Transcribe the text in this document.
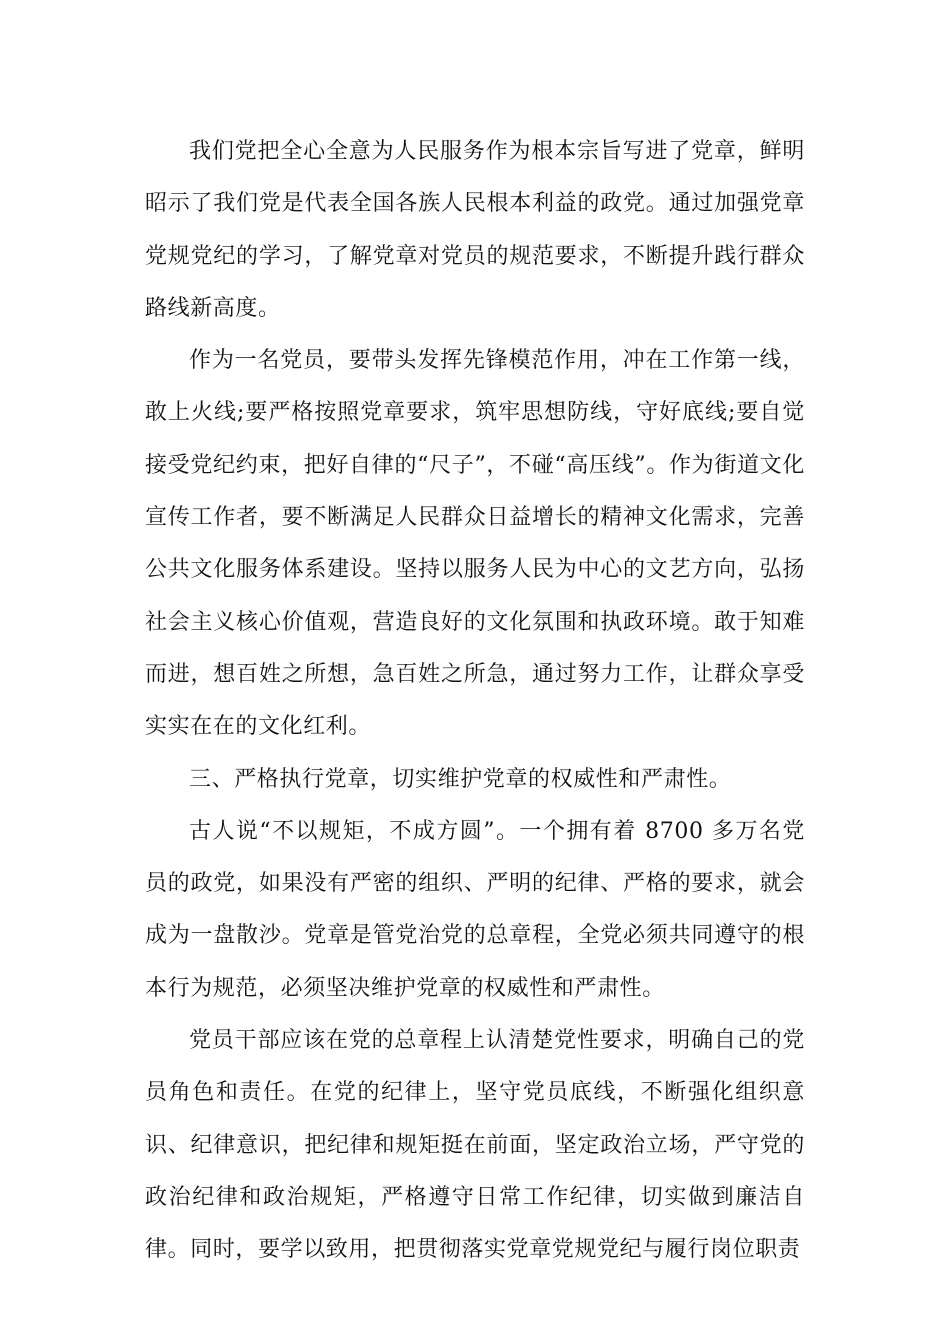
我们党把全心全意为人民服务作为根本宗旨写进了党章，鲜明昭示了我们党是代表全国各族人民根本利益的政党。通过加强党章党规党纪的学习，了解党章对党员的规范要求，不断提升践行群众路线新高度。

作为一名党员，要带头发挥先锋模范作用，冲在工作第一线，敢上火线;要严格按照党章要求，筑牢思想防线，守好底线;要自觉接受党纪约束，把好自律的“尺子”，不碰“高压线”。作为街道文化宣传工作者，要不断满足人民群众日益增长的精神文化需求，完善公共文化服务体系建设。坚持以服务人民为中心的文艺方向，弘扬社会主义核心价值观，营造良好的文化氛围和执政环境。敢于知难而进，想百姓之所想，急百姓之所急，通过努力工作，让群众享受实实在在的文化红利。

三、严格执行党章，切实维护党章的权威性和严肃性。

古人说“不以规矩，不成方圆”。一个拥有着 8700 多万名党员的政党，如果没有严密的组织、严明的纪律、严格的要求，就会成为一盘散沙。党章是管党治党的总章程，全党必须共同遵守的根本行为规范，必须坚决维护党章的权威性和严肃性。

党员干部应该在党的总章程上认清楚党性要求，明确自己的党员角色和责任。在党的纪律上，坚守党员底线，不断强化组织意识、纪律意识，把纪律和规矩挺在前面，坚定政治立场，严守党的政治纪律和政治规矩，严格遵守日常工作纪律，切实做到廉洁自律。同时，要学以致用，把贯彻落实党章党规党纪与履行岗位职责
